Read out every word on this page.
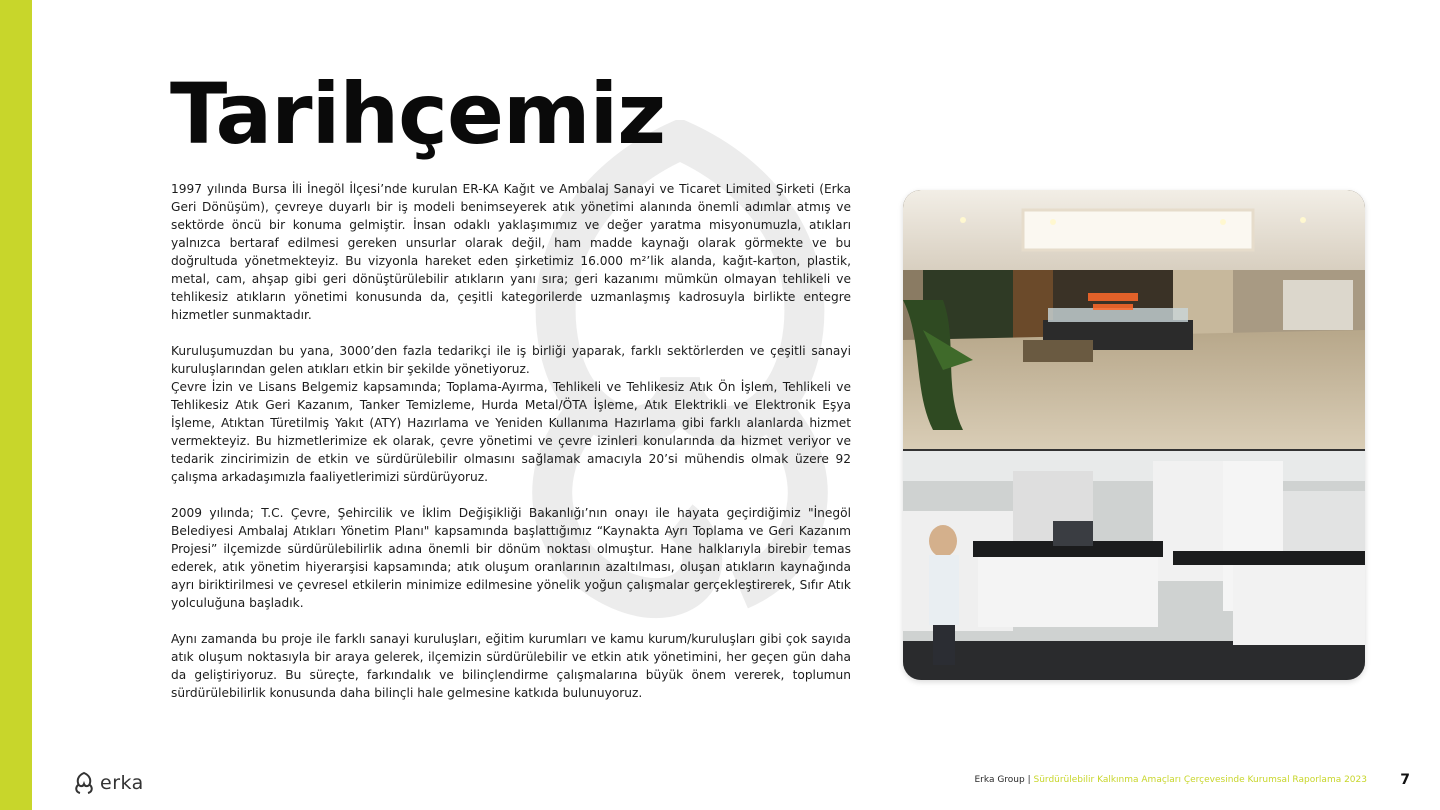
Tarihçemiz

1997 yılında Bursa İli İnegöl İlçesi’nde kurulan ER-KA Kağıt ve Ambalaj Sanayi ve Ticaret Limited Şirketi (Erka Geri Dönüşüm), çevreye duyarlı bir iş modeli benimseyerek atık yönetimi alanında önemli adımlar atmış ve sektörde öncü bir konuma gelmiştir. İnsan odaklı yaklaşımımız ve değer yaratma misyonumuzla, atıkları yalnızca bertaraf edilmesi gereken unsurlar olarak değil, ham madde kaynağı olarak görmekte ve bu doğrultuda yönetmekteyiz. Bu vizyonla hareket eden şirketimiz 16.000 m²’lik alanda, kağıt-karton, plastik, metal, cam, ahşap gibi geri dönüştürülebilir atıkların yanı sıra; geri kazanımı mümkün olmayan tehlikeli ve tehlikesiz atıkların yönetimi konusunda da, çeşitli kategorilerde uzmanlaşmış kadrosuyla birlikte entegre hizmetler sunmaktadır.

Kuruluşumuzdan bu yana, 3000’den fazla tedarikçi ile iş birliği yaparak, farklı sektörlerden ve çeşitli sanayi kuruluşlarından gelen atıkları etkin bir şekilde yönetiyoruz.

Çevre İzin ve Lisans Belgemiz kapsamında; Toplama-Ayırma, Tehlikeli ve Tehlikesiz Atık Ön İşlem, Tehlikeli ve Tehlikesiz Atık Geri Kazanım, Tanker Temizleme, Hurda Metal/ÖTA İşleme, Atık Elektrikli ve Elektronik Eşya İşleme, Atıktan Türetilmiş Yakıt (ATY) Hazırlama ve Yeniden Kullanıma Hazırlama gibi farklı alanlarda hizmet vermekteyiz. Bu hizmetlerimize ek olarak, çevre yönetimi ve çevre izinleri konularında da hizmet veriyor ve tedarik zincirimizin de etkin ve sürdürülebilir olmasını sağlamak amacıyla 20’si mühendis olmak üzere 92 çalışma arkadaşımızla faaliyetlerimizi sürdürüyoruz.

2009 yılında; T.C. Çevre, Şehircilik ve İklim Değişikliği Bakanlığı’nın onayı ile hayata geçirdiğimiz "İnegöl Belediyesi Ambalaj Atıkları Yönetim Planı" kapsamında başlattığımız “Kaynakta Ayrı Toplama ve Geri Kazanım Projesi” ilçemizde sürdürülebilirlik adına önemli bir dönüm noktası olmuştur. Hane halklarıyla birebir temas ederek, atık yönetim hiyerarşisi kapsamında; atık oluşum oranlarının azaltılması, oluşan atıkların kaynağında ayrı biriktirilmesi ve çevresel etkilerin minimize edilmesine yönelik yoğun çalışmalar gerçekleştirerek, Sıfır Atık yolculuğuna başladık.

Aynı zamanda bu proje ile farklı sanayi kuruluşları, eğitim kurumları ve kamu kurum/kuruluşları gibi çok sayıda atık oluşum noktasıyla bir araya gelerek, ilçemizin sürdürülebilir ve etkin atık yönetimini, her geçen gün daha da geliştiriyoruz. Bu süreçte, farkındalık ve bilinçlendirme çalışmalarına büyük önem vererek, toplumun sürdürülebilirlik konusunda daha bilinçli hale gelmesine katkıda bulunuyoruz.

erka	Erka Group | Sürdürülebilir Kalkınma Amaçları Çerçevesinde Kurumsal Raporlama 2023 7
